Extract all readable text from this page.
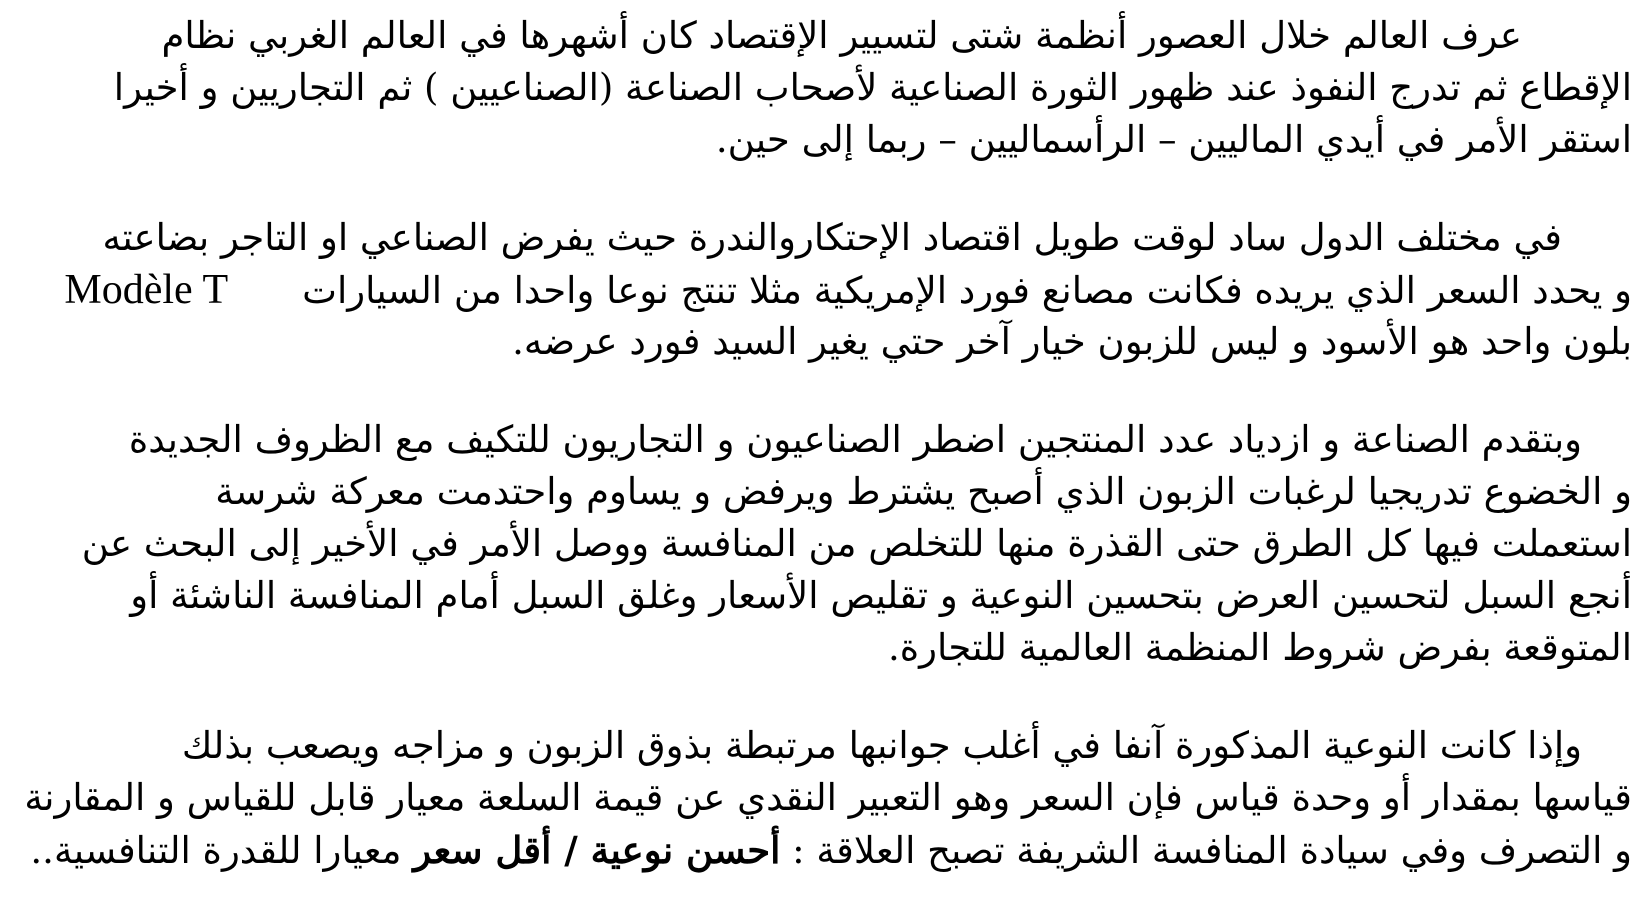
عرف العالم خلال العصور أنظمة شتى لتسيير الإقتصاد كان أشهرها في العالم الغربي نظام
الإقطاع ثم تدرج النفوذ عند ظهور الثورة الصناعية لأصحاب الصناعة (الصناعيين ) ثم التجاريين و أخيرا
استقر الأمر في أيدي الماليين – الرأسماليين – ربما إلى حين.

في مختلف الدول ساد لوقت طويل اقتصاد الإحتكاروالندرة حيث يفرض الصناعي او التاجر بضاعته
و يحدد السعر الذي يريده فكانت مصانع فورد الإمريكية مثلا تنتج نوعا واحدا من السيارات  Modèle T
بلون واحد هو الأسود و ليس للزبون خيار آخر حتي يغير السيد فورد عرضه.

وبتقدم الصناعة و ازدياد عدد المنتجين اضطر الصناعيون و التجاريون للتكيف مع الظروف الجديدة
و الخضوع تدريجيا لرغبات الزبون الذي أصبح يشترط ويرفض و يساوم واحتدمت معركة شرسة
استعملت فيها كل الطرق حتى القذرة منها للتخلص من المنافسة ووصل الأمر في الأخير إلى البحث عن
أنجع السبل لتحسين العرض بتحسين النوعية و تقليص الأسعار وغلق السبل أمام المنافسة الناشئة أو
المتوقعة بفرض شروط المنظمة العالمية للتجارة.

وإذا كانت النوعية المذكورة آنفا في أغلب جوانبها مرتبطة بذوق الزبون و مزاجه ويصعب بذلك
قياسها بمقدار أو وحدة قياس فإن السعر وهو التعبير النقدي عن قيمة السلعة معيار قابل للقياس و المقارنة
و التصرف وفي سيادة المنافسة الشريفة تصبح العلاقة : أحسن نوعية / أقل سعر معيارا للقدرة التنافسية..
